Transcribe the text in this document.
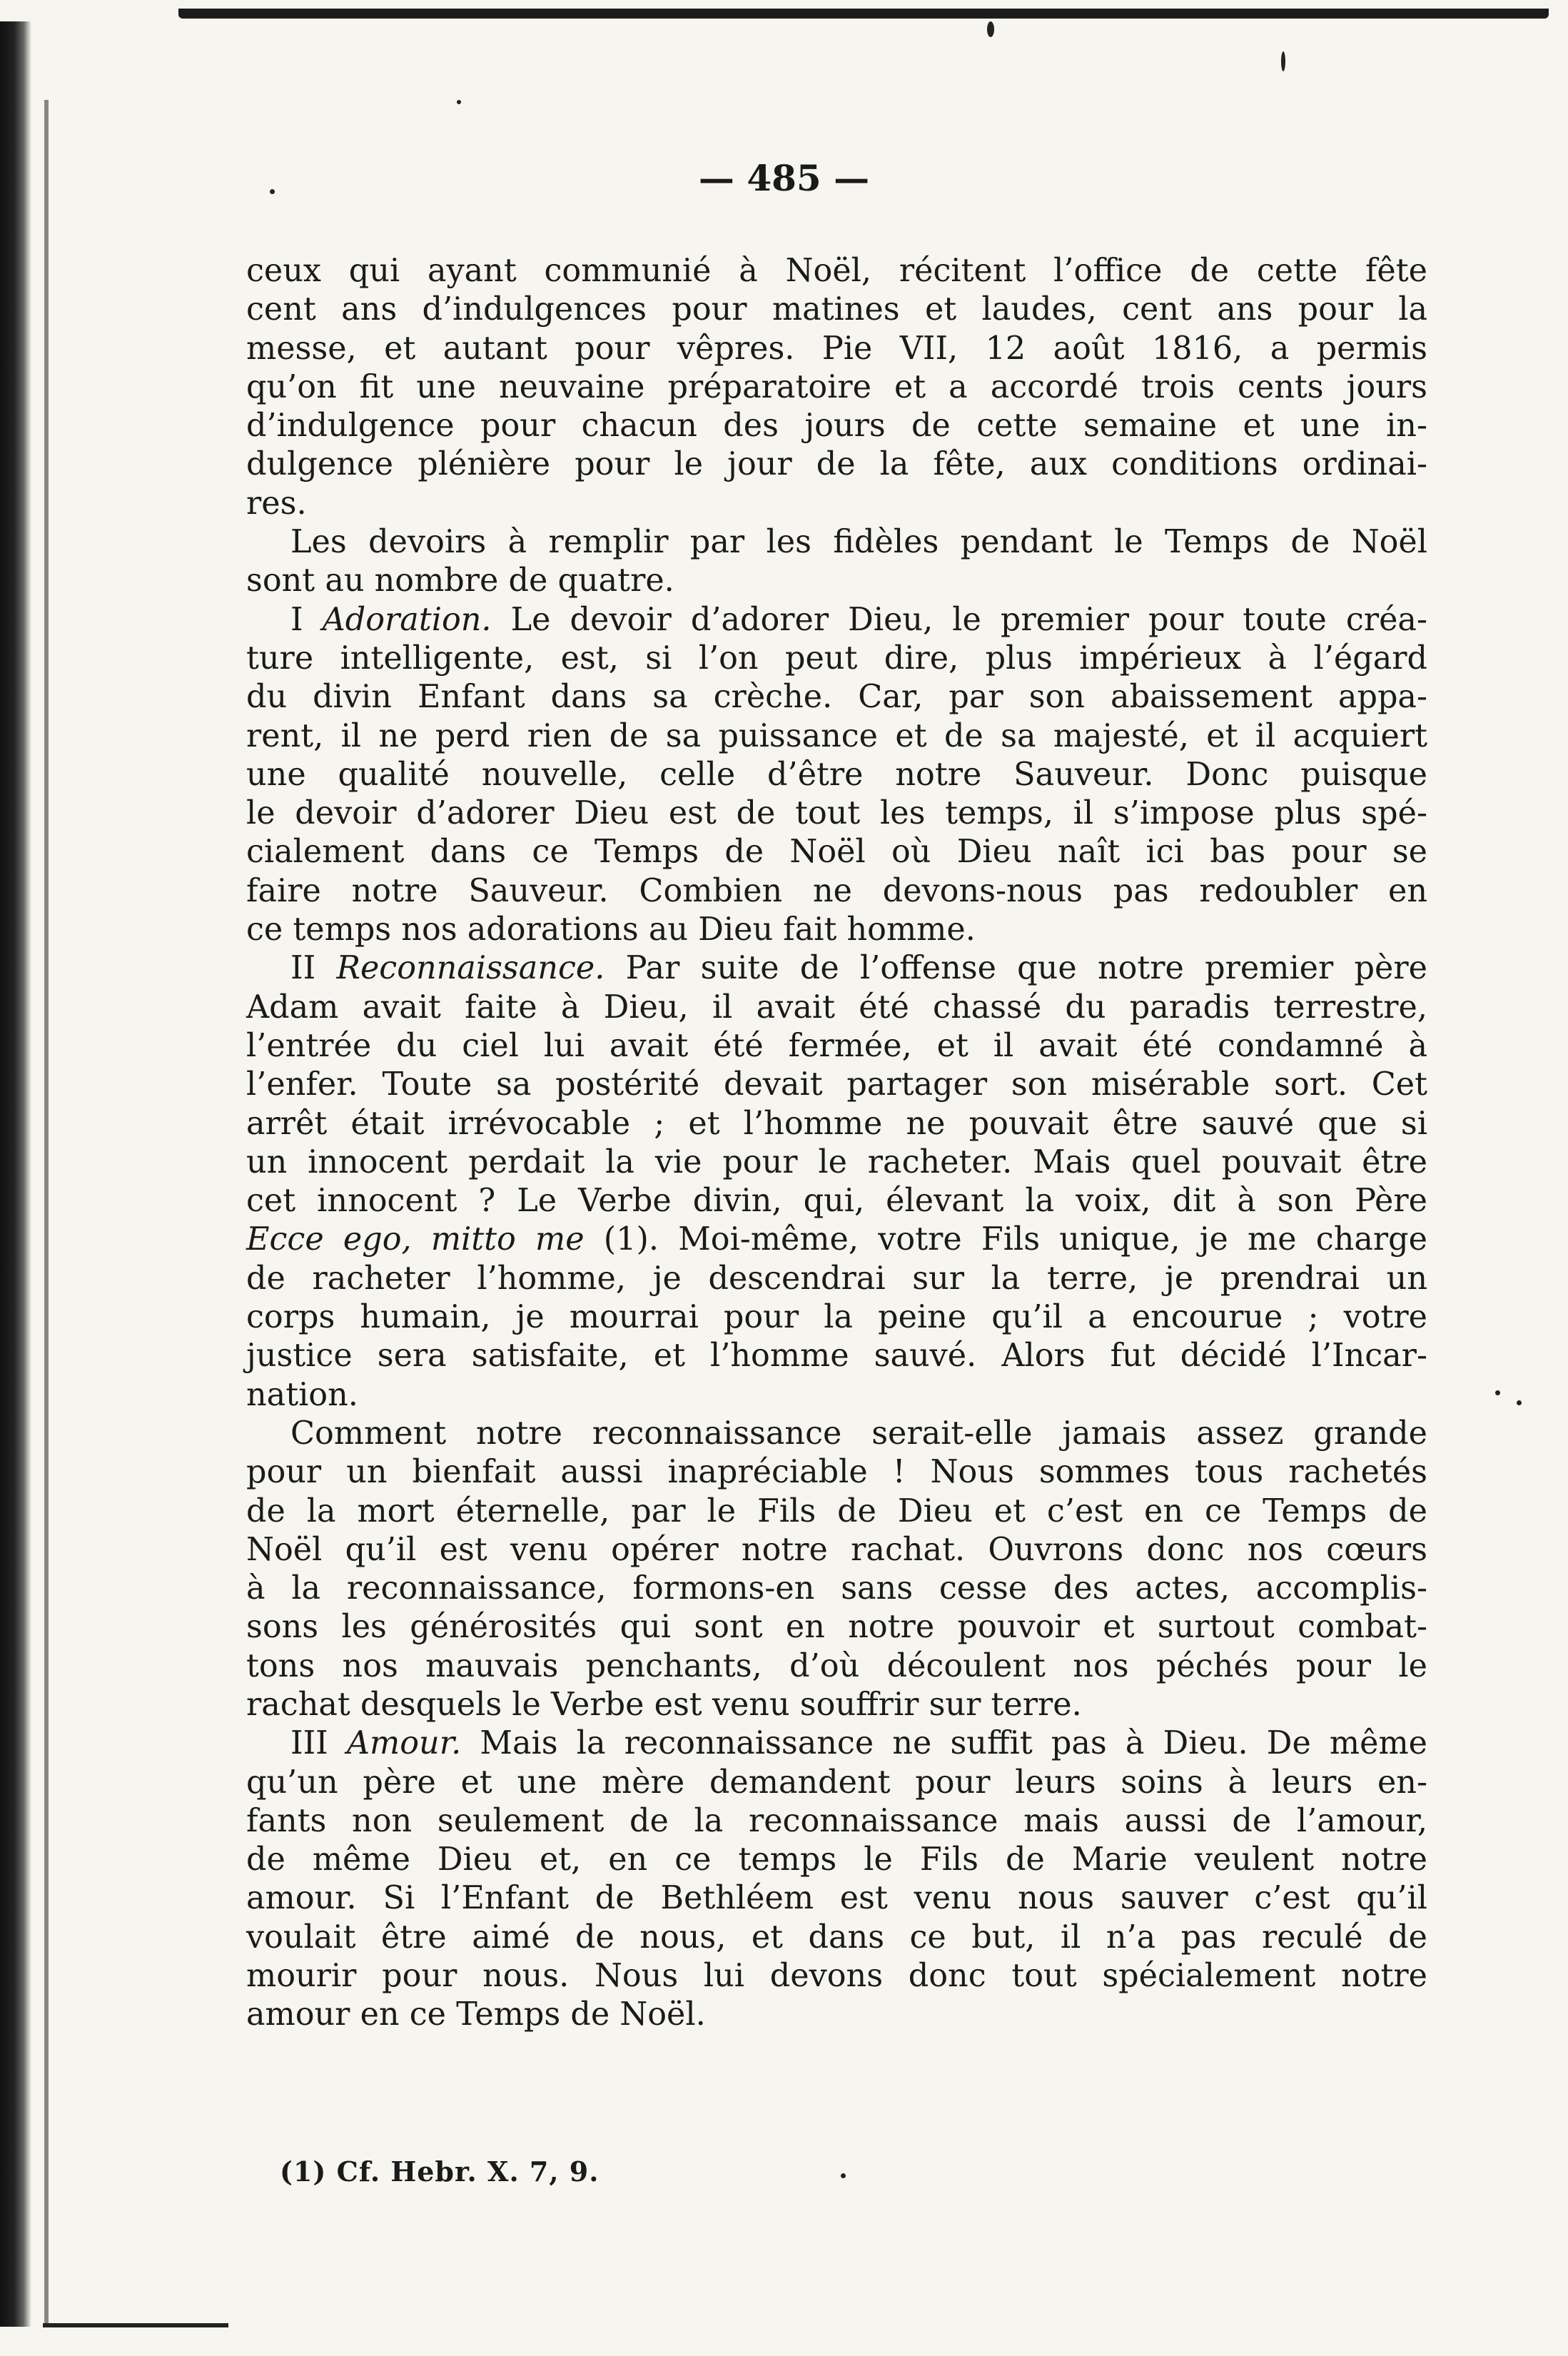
— 485 —
ceux qui ayant communié à Noël, récitent l’office de cette fête
cent ans d’indulgences pour matines et laudes, cent ans pour la
messe, et autant pour vêpres. Pie VII, 12 août 1816, a permis
qu’on fit une neuvaine préparatoire et a accordé trois cents jours
d’indulgence pour chacun des jours de cette semaine et une in-
dulgence plénière pour le jour de la fête, aux conditions ordinai-
res.
Les devoirs à remplir par les fidèles pendant le Temps de Noël
sont au nombre de quatre.
I Adoration. Le devoir d’adorer Dieu, le premier pour toute créa-
ture intelligente, est, si l’on peut dire, plus impérieux à l’égard
du divin Enfant dans sa crèche. Car, par son abaissement appa-
rent, il ne perd rien de sa puissance et de sa majesté, et il acquiert
une qualité nouvelle, celle d’être notre Sauveur. Donc puisque
le devoir d’adorer Dieu est de tout les temps, il s’impose plus spé-
cialement dans ce Temps de Noël où Dieu naît ici bas pour se
faire notre Sauveur. Combien ne devons-nous pas redoubler en
ce temps nos adorations au Dieu fait homme.
II Reconnaissance. Par suite de l’offense que notre premier père
Adam avait faite à Dieu, il avait été chassé du paradis terrestre,
l’entrée du ciel lui avait été fermée, et il avait été condamné à
l’enfer. Toute sa postérité devait partager son misérable sort. Cet
arrêt était irrévocable ; et l’homme ne pouvait être sauvé que si
un innocent perdait la vie pour le racheter. Mais quel pouvait être
cet innocent ? Le Verbe divin, qui, élevant la voix, dit à son Père
Ecce ego, mitto me (1). Moi-même, votre Fils unique, je me charge
de racheter l’homme, je descendrai sur la terre, je prendrai un
corps humain, je mourrai pour la peine qu’il a encourue ; votre
justice sera satisfaite, et l’homme sauvé. Alors fut décidé l’Incar-
nation.
Comment notre reconnaissance serait-elle jamais assez grande
pour un bienfait aussi inapréciable ! Nous sommes tous rachetés
de la mort éternelle, par le Fils de Dieu et c’est en ce Temps de
Noël qu’il est venu opérer notre rachat. Ouvrons donc nos cœurs
à la reconnaissance, formons-en sans cesse des actes, accomplis-
sons les générosités qui sont en notre pouvoir et surtout combat-
tons nos mauvais penchants, d’où découlent nos péchés pour le
rachat desquels le Verbe est venu souffrir sur terre.
III Amour. Mais la reconnaissance ne suffit pas à Dieu. De même
qu’un père et une mère demandent pour leurs soins à leurs en-
fants non seulement de la reconnaissance mais aussi de l’amour,
de même Dieu et, en ce temps le Fils de Marie veulent notre
amour. Si l’Enfant de Bethléem est venu nous sauver c’est qu’il
voulait être aimé de nous, et dans ce but, il n’a pas reculé de
mourir pour nous. Nous lui devons donc tout spécialement notre
amour en ce Temps de Noël.
(1) Cf. Hebr. X. 7, 9.
